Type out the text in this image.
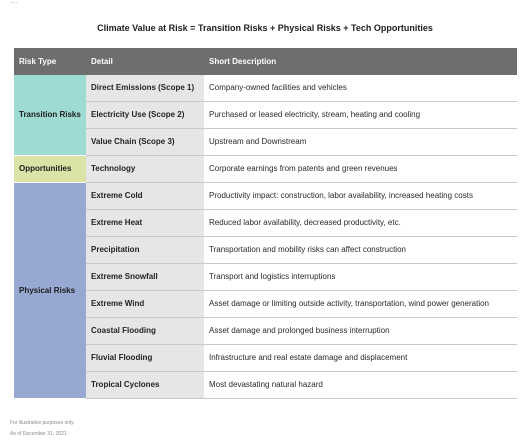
...
Climate Value at Risk = Transition Risks + Physical Risks + Tech Opportunities
Risk Type	Detail	Short Description
Transition Risks	Direct Emissions (Scope 1)	Company-owned facilities and vehicles
	Electricity Use (Scope 2)	Purchased or leased electricity, stream, heating and cooling
	Value Chain (Scope 3)	Upstream and Downstream
Opportunities	Technology	Corporate earnings from patents and green revenues
Physical Risks	Extreme Cold	Productivity impact: construction, labor availability, increased heating costs
	Extreme Heat	Reduced labor availability, decreased productivity, etc.
	Precipitation	Transportation and mobility risks can affect construction
	Extreme Snowfall	Transport and logistics interruptions
	Extreme Wind	Asset damage or limiting outside activity, transportation, wind power generation
	Coastal Flooding	Asset damage and prolonged business interruption
	Fluvial Flooding	Infrastructure and real estate damage and displacement
	Tropical Cyclones	Most devastating natural hazard
For illustrative purposes only.
As of December 31, 2021
